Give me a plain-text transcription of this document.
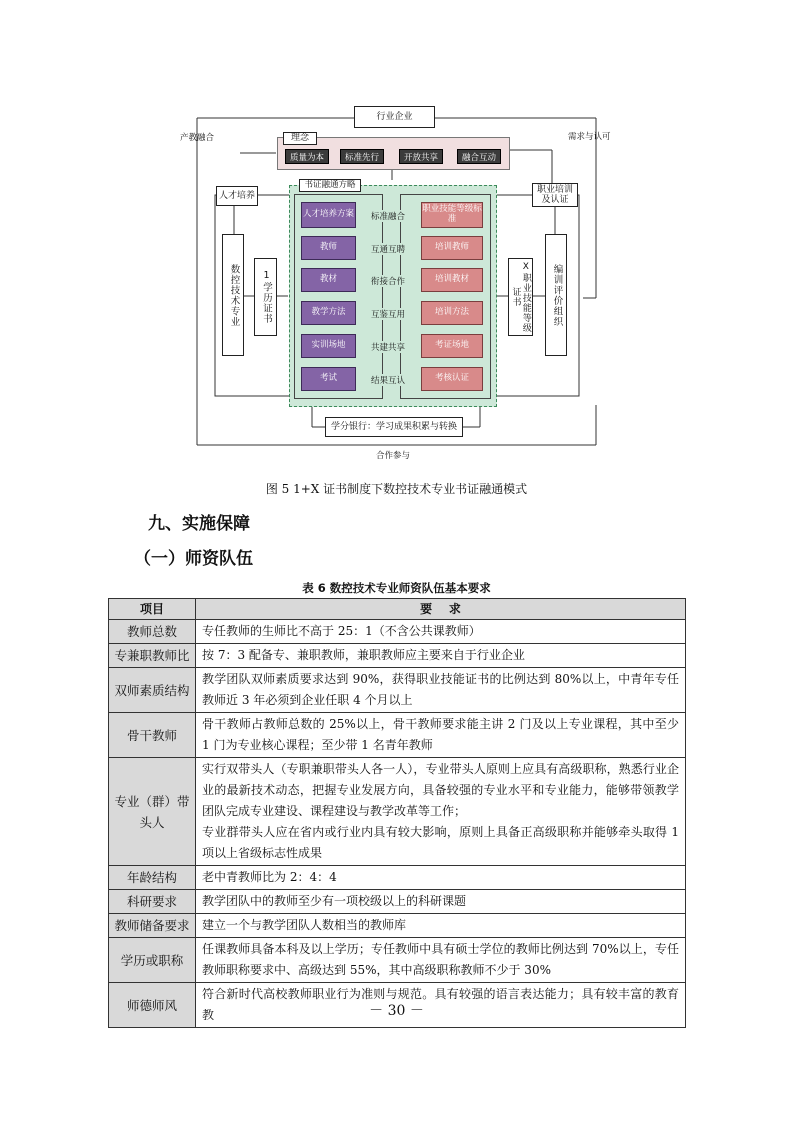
行业企业
产教融合	需求与认可
理念
质量为本	标准先行	开放共享	融合互动
人才培养
职业培训及认证
书证融通方略
人才培养方案 标准融合
职业技能等级标准
教师	互通互聘	培训教师
教材	衔接合作	培训教材
教学方法	互鉴互用	培训方法
实训场地	共建共享	考证场地
考试	结果互认	考核认证
数控技术专业	1学历证书	X职业技能等级证书	编训评价组织
学分银行：学习成果积累与转换
合作参与
图 5 1+X 证书制度下数控技术专业书证融通模式
九、实施保障
（一）师资队伍
表 6 数控技术专业师资队伍基本要求
项目	要    求
教师总数	专任教师的生师比不高于 25：1（不含公共课教师）

专兼职教师比	按 7：3 配备专、兼职教师，兼职教师应主要来自于行业企业

双师素质结构	教学团队双师素质要求达到 90%，获得职业技能证书的比例达到 80%以上，中青年专任教师近 3 年必须到企业任职 4 个月以上

骨干教师	骨干教师占教师总数的 25%以上，骨干教师要求能主讲 2 门及以上专业课程，其中至少 1 门为专业核心课程；至少带 1 名青年教师

专业（群）带头人	实行双带头人（专职兼职带头人各一人），专业带头人原则上应具有高级职称，熟悉行业企业的最新技术动态，把握专业发展方向，具备较强的专业水平和专业能力，能够带领教学团队完成专业建设、课程建设与教学改革等工作；
专业群带头人应在省内或行业内具有较大影响，原则上具备正高级职称并能够牵头取得 1 项以上省级标志性成果

年龄结构	老中青教师比为 2：4：4

科研要求	教学团队中的教师至少有一项校级以上的科研课题

教师储备要求	建立一个与教学团队人数相当的教师库

学历或职称	任课教师具备本科及以上学历；专任教师中具有硕士学位的教师比例达到 70%以上，专任教师职称要求中、高级达到 55%，其中高级职称教师不少于 30%

师德师风	符合新时代高校教师职业行为准则与规范。具有较强的语言表达能力；具有较丰富的教育教	－ 30 －
